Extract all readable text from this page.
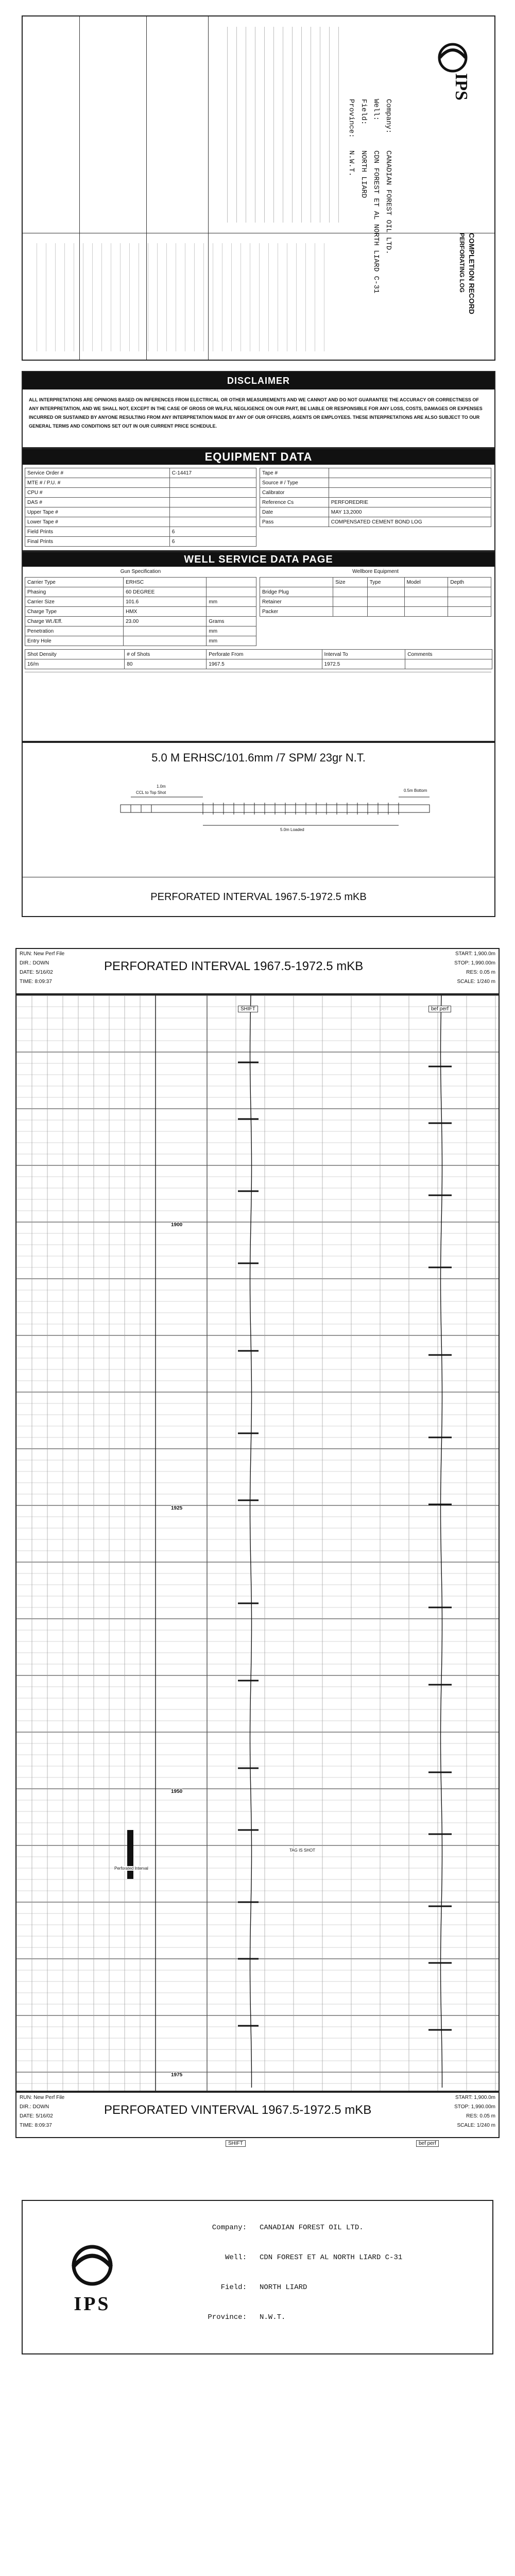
IPS
COMPLETION RECORD
PERFORATING LOG
Company:
CANADIAN FOREST OIL LTD.
Well:
CDN FOREST ET AL NORTH LIARD C-31
Field:
NORTH LIARD
Province:
N.W.T.
DISCLAIMER
ALL INTERPRETATIONS ARE OPINIONS BASED ON INFERENCES FROM ELECTRICAL OR OTHER MEASUREMENTS AND WE CANNOT AND DO NOT GUARANTEE THE ACCURACY OR CORRECTNESS OF ANY INTERPRETATION, AND WE SHALL NOT, EXCEPT IN THE CASE OF GROSS OR WILFUL NEGLIGENCE ON OUR PART, BE LIABLE OR RESPONSIBLE FOR ANY LOSS, COSTS, DAMAGES OR EXPENSES INCURRED OR SUSTAINED BY ANYONE RESULTING FROM ANY INTERPRETATION MADE BY ANY OF OUR OFFICERS, AGENTS OR EMPLOYEES. THESE INTERPRETATIONS ARE ALSO SUBJECT TO OUR GENERAL TERMS AND CONDITIONS SET OUT IN OUR CURRENT PRICE SCHEDULE.
EQUIPMENT DATA
Service Order #	C-14417
MTE # / P.U. #	
CPU #	
DAS #	
Upper Tape #	
Lower Tape #	
Field Prints	6
Final Prints	6
Tape #	
Source # / Type	
Calibrator	
Reference Cs	PERFOREDRIE
Date	MAY 13,2000
Pass	COMPENSATED CEMENT BOND LOG
WELL SERVICE DATA PAGE
Gun Specification	Wellbore Equipment
Carrier Type	ERHSC	
Phasing	60 DEGREE	
Carrier Size	101.6	mm
Charge Type	HMX	
Charge Wt./Eff.	23.00	Grams
Penetration		mm
Entry Hole		mm
	Size	Type	Model	Depth
Bridge Plug				
Retainer				
Packer				
Shot Density	# of Shots	Perforate From	Interval To	Comments
16/m	80	1967.5	1972.5	
5.0 M ERHSC/101.6mm /7 SPM/ 23gr N.T.
1.0m
CCL to Top Shot	0.5m Bottom
5.0m Loaded
PERFORATED INTERVAL 1967.5-1972.5 mKB
RUN: New Perf File
DIR.: DOWN
DATE: 5/16/02
TIME: 8:09:37
PERFORATED INTERVAL 1967.5-1972.5 mKB
START: 1,900.0m
STOP: 1,990.00m
RES: 0.05 m
SCALE: 1/240 m
SHIFT	bef perf
1900
1925
1950
1975
Perforated Interval
TAG IS SHOT
RUN: New Perf File
DIR.: DOWN
DATE: 5/16/02
TIME: 8:09:37
PERFORATED VINTERVAL 1967.5-1972.5 mKB
START: 1,900.0m
STOP: 1,990.00m
RES: 0.05 m
SCALE: 1/240 m
SHIFT	bef perf
IPS
Company: CANADIAN FOREST OIL LTD.
Well: CDN FOREST ET AL NORTH LIARD C-31
Field: NORTH LIARD
Province: N.W.T.
